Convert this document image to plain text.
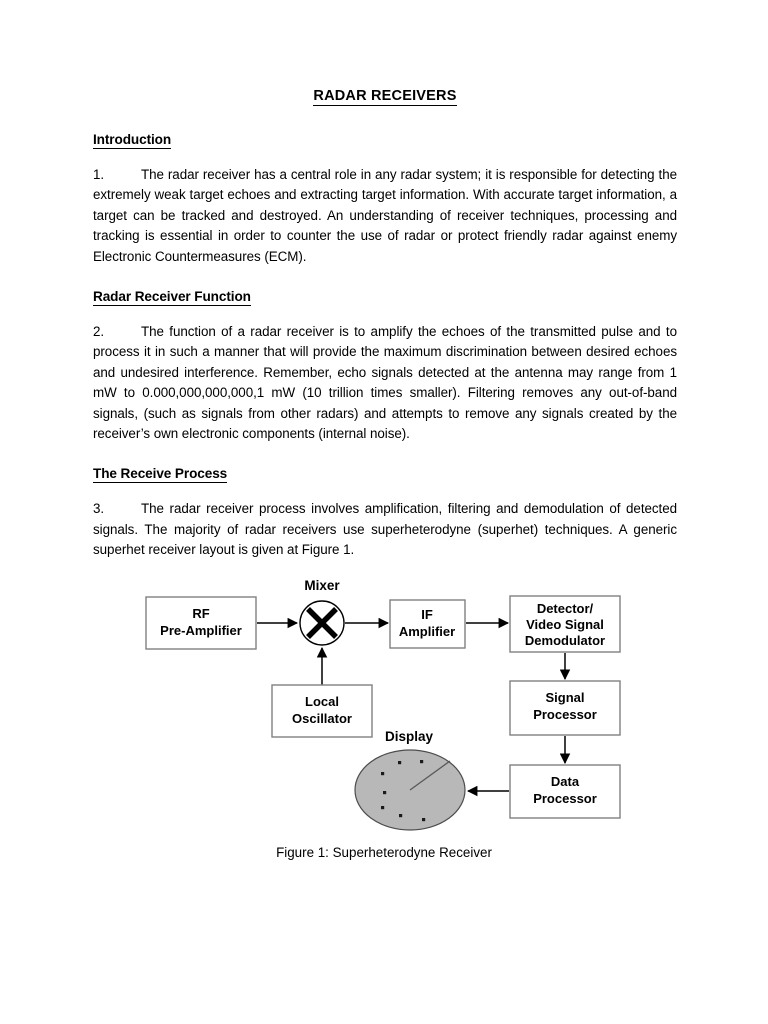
RADAR RECEIVERS
Introduction

1.	The radar receiver has a central role in any radar system; it is responsible for detecting the extremely weak target echoes and extracting target information. With accurate target information, a target can be tracked and destroyed. An understanding of receiver techniques, processing and tracking is essential in order to counter the use of radar or protect friendly radar against enemy Electronic Countermeasures (ECM).

Radar Receiver Function

2.	The function of a radar receiver is to amplify the echoes of the transmitted pulse and to process it in such a manner that will provide the maximum discrimination between desired echoes and undesired interference. Remember, echo signals detected at the antenna may range from 1 mW to 0.000,000,000,000,1 mW (10 trillion times smaller). Filtering removes any out-of-band signals, (such as signals from other radars) and attempts to remove any signals created by the receiver’s own electronic components (internal noise).

The Receive Process

3.	The radar receiver process involves amplification, filtering and demodulation of detected signals. The majority of radar receivers use superheterodyne (superhet) techniques. A generic superhet receiver layout is given at Figure 1.

RF
Pre-Amplifier
Mixer
IF
Amplifier
Detector/
Video Signal
Demodulator
Local
Oscillator
Signal
Processor
Data
Processor
Display
Figure 1: Superheterodyne Receiver
